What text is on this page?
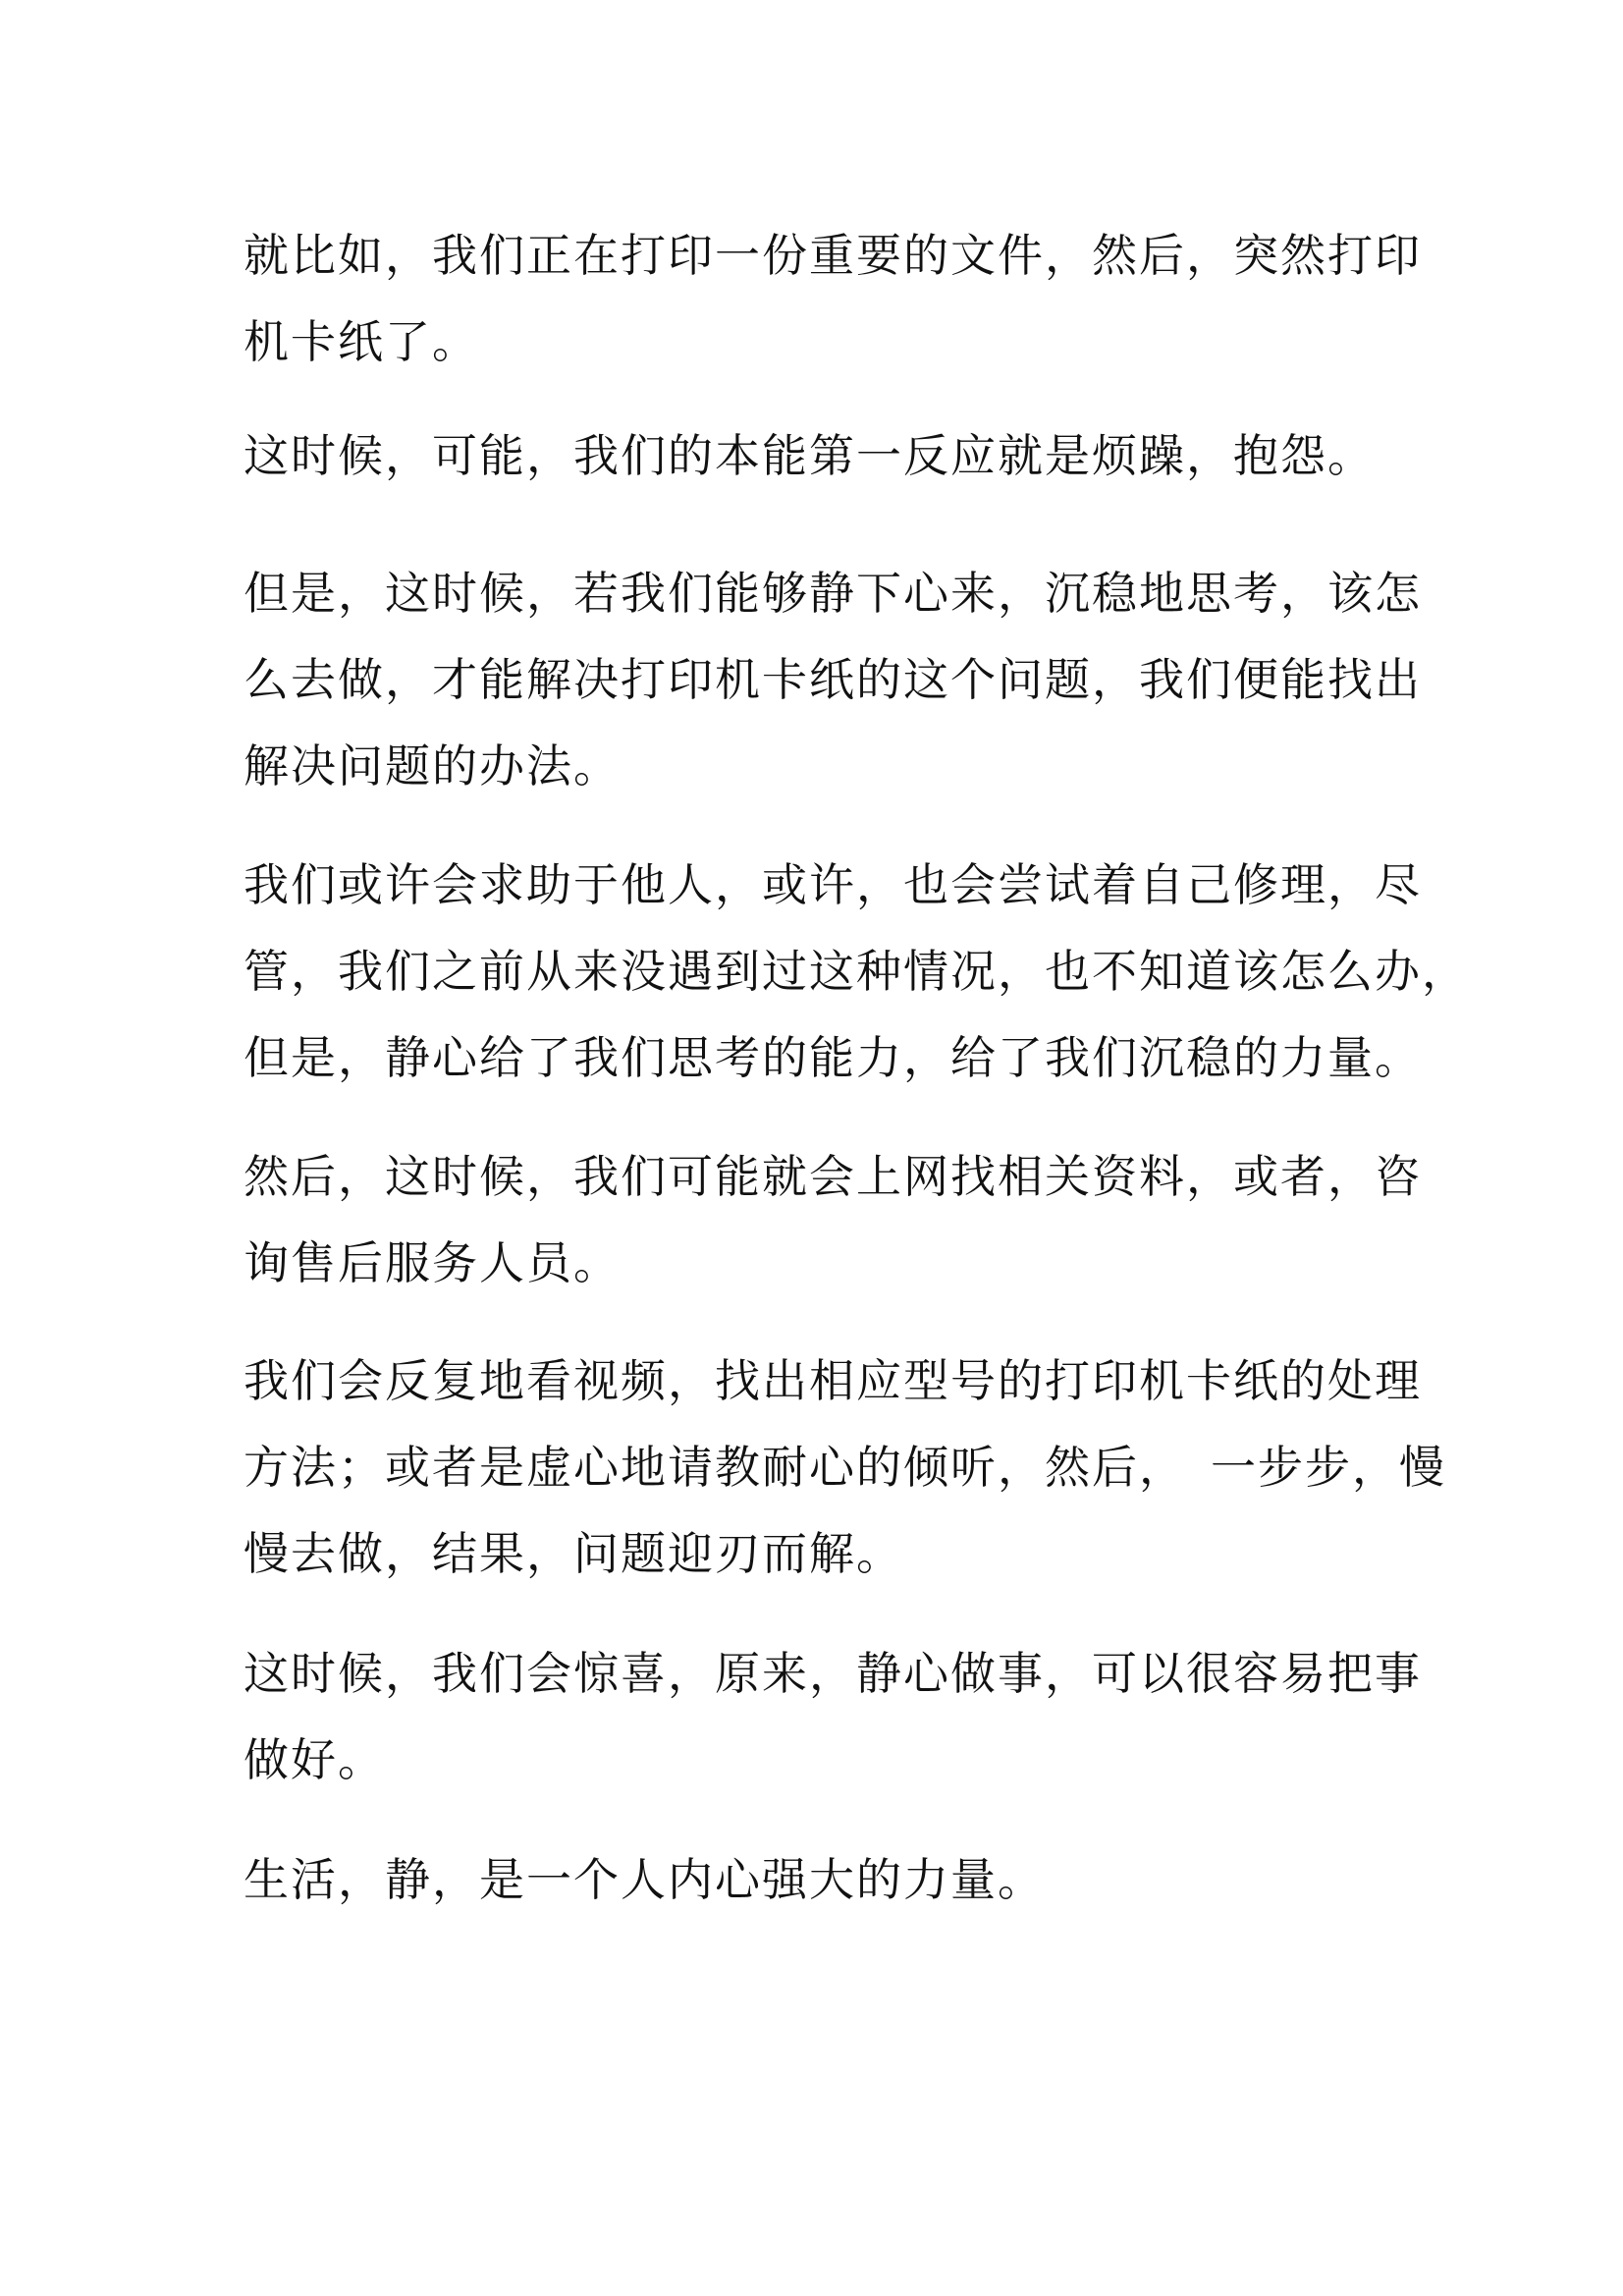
就比如，我们正在打印一份重要的文件，然后，突然打印
机卡纸了。

这时候，可能，我们的本能第一反应就是烦躁，抱怨。

但是，这时候，若我们能够静下心来，沉稳地思考，该怎
么去做，才能解决打印机卡纸的这个问题，我们便能找出
解决问题的办法。

我们或许会求助于他人，或许，也会尝试着自己修理，尽
管，我们之前从来没遇到过这种情况，也不知道该怎么办，
但是，静心给了我们思考的能力，给了我们沉稳的力量。

然后，这时候，我们可能就会上网找相关资料，或者，咨
询售后服务人员。

我们会反复地看视频，找出相应型号的打印机卡纸的处理
方法；或者是虚心地请教耐心的倾听，然后，　一步步，慢
慢去做，结果，问题迎刃而解。

这时候，我们会惊喜，原来，静心做事，可以很容易把事
做好。

生活，静，是一个人内心强大的力量。
